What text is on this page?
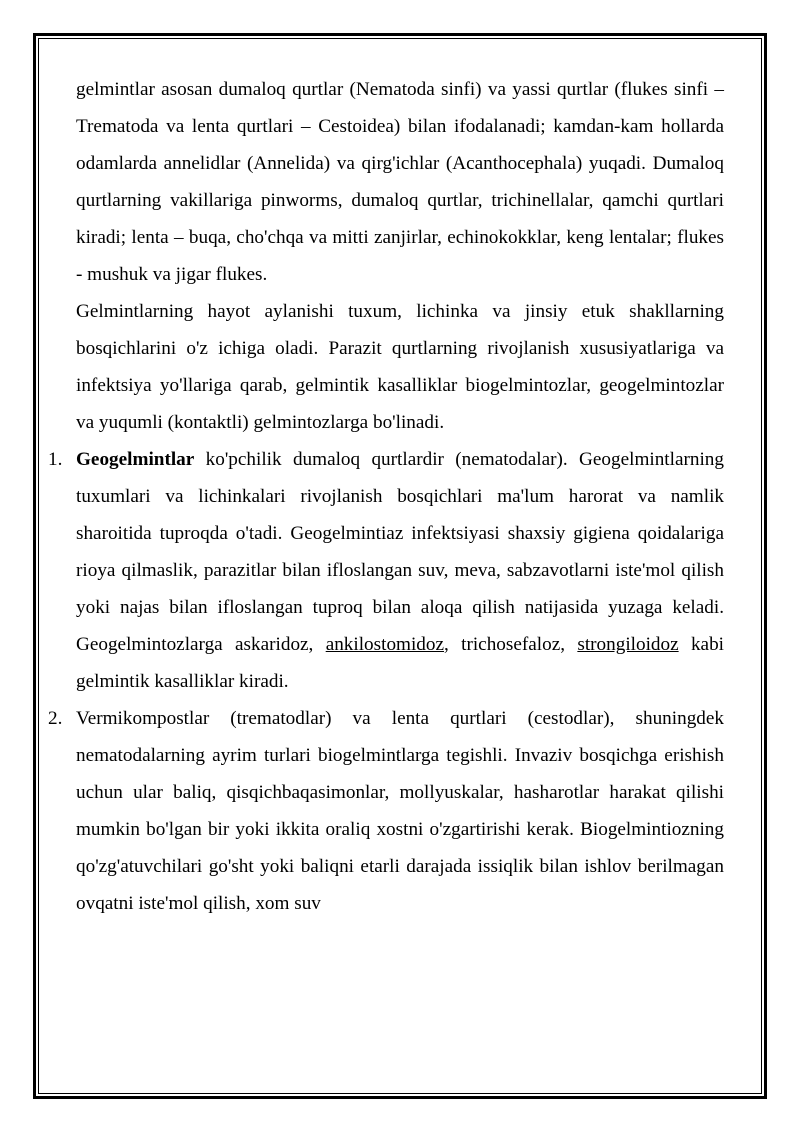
gelmintlar asosan dumaloq qurtlar (Nematoda sinfi) va yassi qurtlar (flukes sinfi – Trematoda va lenta qurtlari – Cestoidea) bilan ifodalanadi; kamdan-kam hollarda odamlarda annelidlar (Annelida) va qirg'ichlar (Acanthocephala) yuqadi. Dumaloq qurtlarning vakillariga pinworms, dumaloq qurtlar, trichinellalar, qamchi qurtlari kiradi; lenta – buqa, cho'chqa va mitti zanjirlar, echinokokklar, keng lentalar; flukes - mushuk va jigar flukes.

Gelmintlarning hayot aylanishi tuxum, lichinka va jinsiy etuk shakllarning bosqichlarini o'z ichiga oladi. Parazit qurtlarning rivojlanish xususiyatlariga va infektsiya yo'llariga qarab, gelmintik kasalliklar biogelmintozlar, geogelmintozlar va yuqumli (kontaktli) gelmintozlarga bo'linadi.

1. Geogelmintlar ko'pchilik dumaloq qurtlardir (nematodalar). Geogelmintlarning tuxumlari va lichinkalari rivojlanish bosqichlari ma'lum harorat va namlik sharoitida tuproqda o'tadi. Geogelmintiaz infektsiyasi shaxsiy gigiena qoidalariga rioya qilmaslik, parazitlar bilan ifloslangan suv, meva, sabzavotlarni iste'mol qilish yoki najas bilan ifloslangan tuproq bilan aloqa qilish natijasida yuzaga keladi. Geogelmintozlarga askaridoz, ankilostomidoz, trichosefaloz, strongiloidoz kabi gelmintik kasalliklar kiradi.
2. Vermikompostlar (trematodlar) va lenta qurtlari (cestodlar), shuningdek nematodalarning ayrim turlari biogelmintlarga tegishli. Invaziv bosqichga erishish uchun ular baliq, qisqichbaqasimonlar, mollyuskalar, hasharotlar harakat qilishi mumkin bo'lgan bir yoki ikkita oraliq xostni o'zgartirishi kerak. Biogelmintiozning qo'zg'atuvchilari go'sht yoki baliqni etarli darajada issiqlik bilan ishlov berilmagan ovqatni iste'mol qilish, xom suv
